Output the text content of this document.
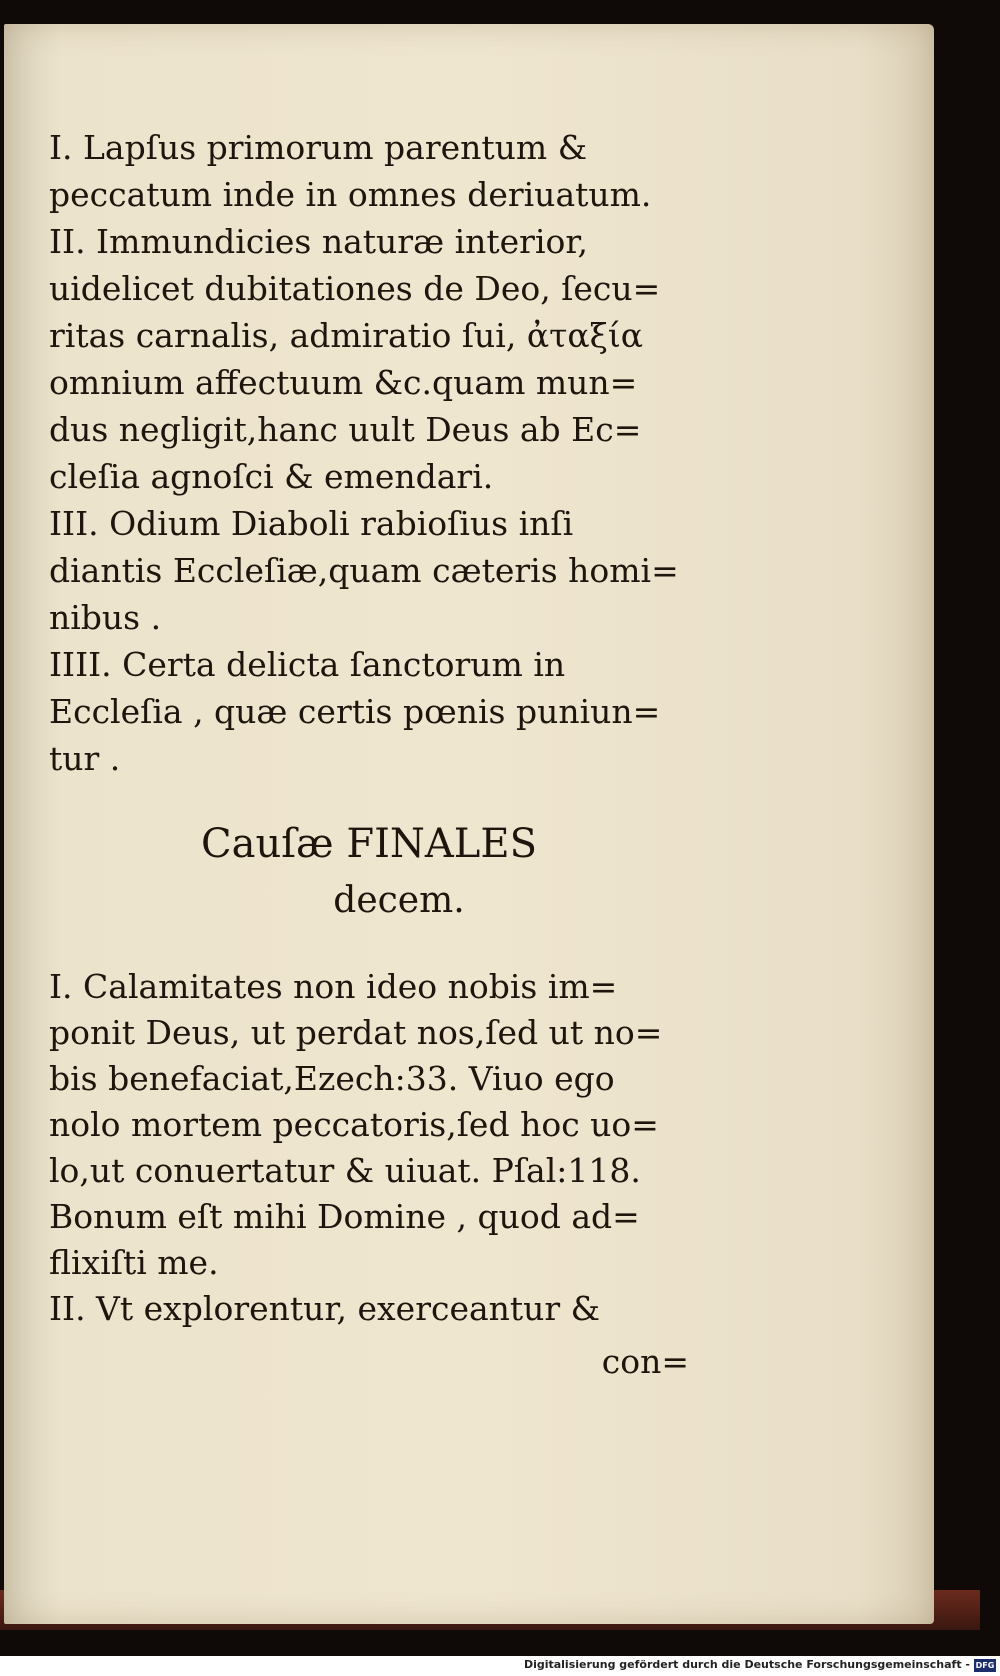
I. Lapſus primorum parentum &
peccatum inde in omnes deriuatum.
II. Immundicies naturæ interior,
uidelicet dubitationes de Deo, ſecu=
ritas carnalis, admiratio ſui, ἀταξία
omnium affectuum &c.quam mun=
dus negligit,hanc uult Deus ab Ec=
cleſia agnoſci & emendari.
III. Odium Diaboli rabioſius inſi
diantis Eccleſiæ,quam cæteris homi=
nibus .
IIII. Certa delicta ſanctorum in
Eccleſia , quæ certis pœnis puniun=
tur .
Cauſæ FINALES
decem.
I. Calamitates non ideo nobis im=
ponit Deus, ut perdat nos,ſed ut no=
bis benefaciat,Ezech:33. Viuo ego
nolo mortem peccatoris,ſed hoc uo=
lo,ut conuertatur & uiuat. Pſal:118.
Bonum eſt mihi Domine , quod ad=
flixiſti me.
II. Vt explorentur, exerceantur &
con=
Digitalisierung gefördert durch die Deutsche Forschungsgemeinschaft - DFG
